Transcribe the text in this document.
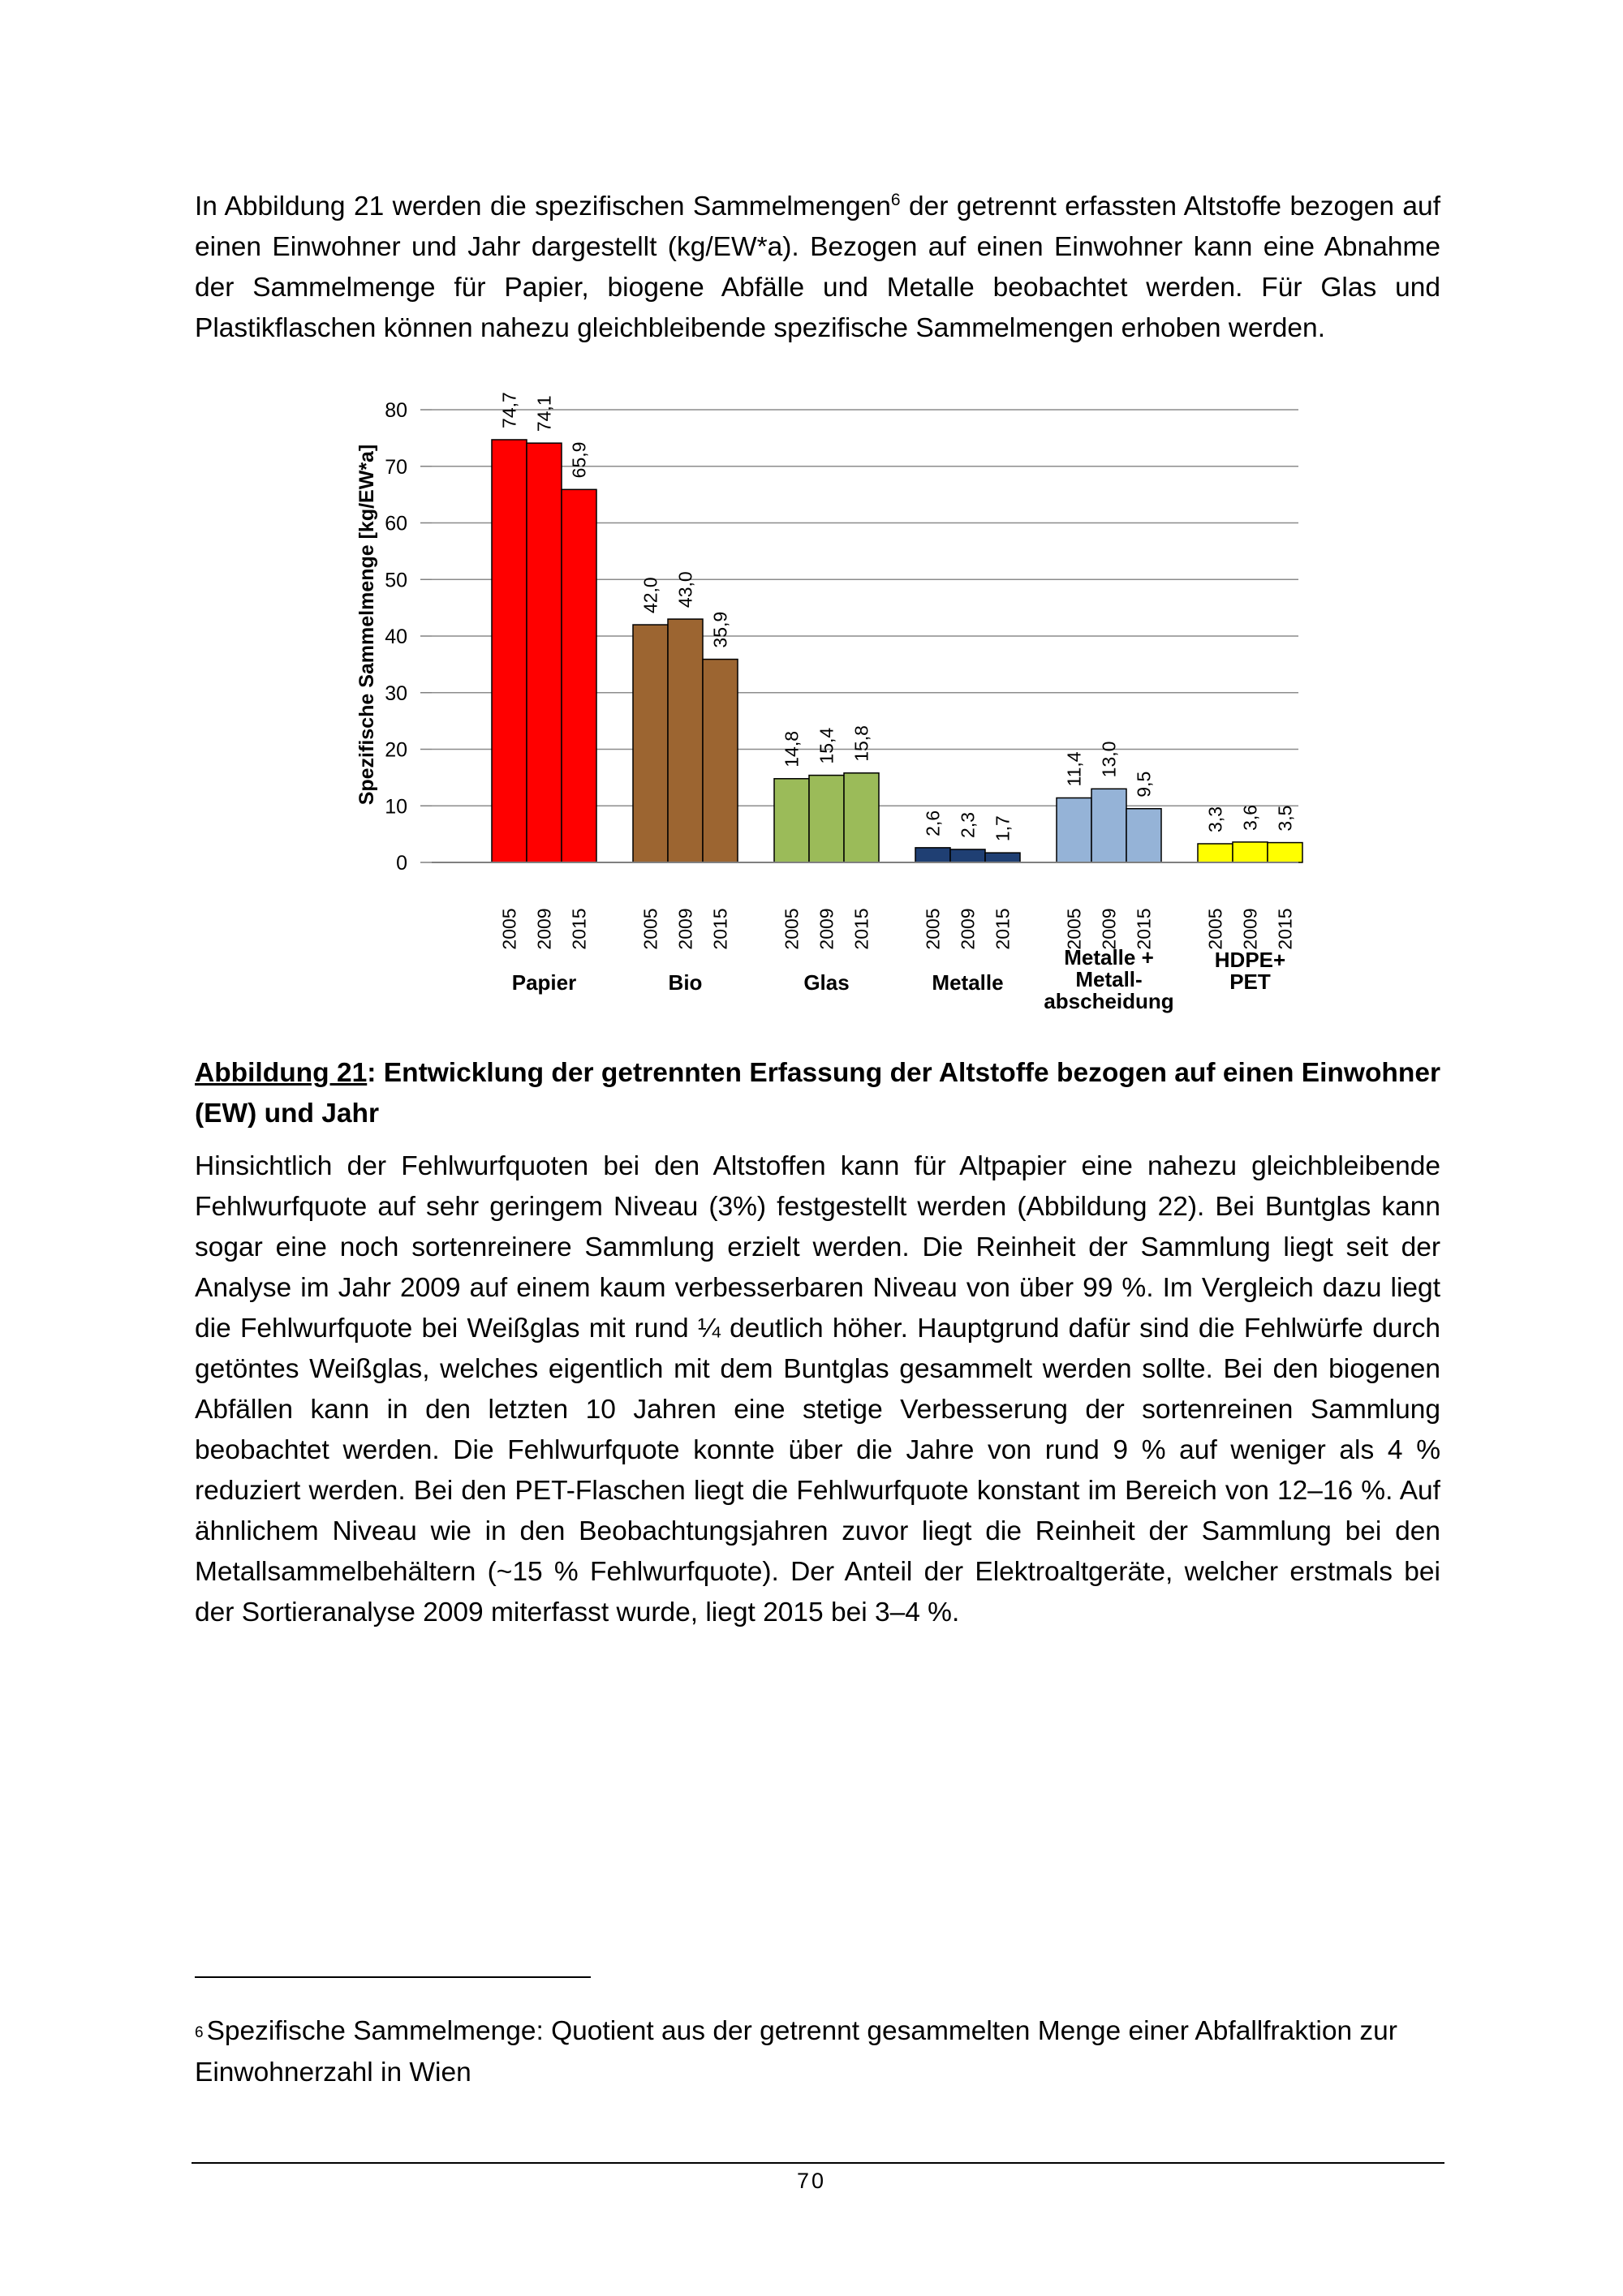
In Abbildung 21 werden die spezifischen Sammelmengen$^6$ der getrennt erfassten Altstoffe bezogen auf einen Einwohner und Jahr dargestellt (kg/EW*a). Bezogen auf einen Einwohner kann eine Abnahme der Sammelmenge für Papier, biogene Abfälle und Metalle beobachtet werden. Für Glas und Plastikflaschen können nahezu gleichbleibende spezifische Sammelmengen erhoben werden.

Spezifische Sammelmenge [kg/EW*a]
0
10
20
30
40
50
60
70
80	74,7 74,1
65,9
42,0 43,0
35,9
14,8 15,4 15,8
2,6 2,3 1,7
11,4 13,0
9,5
3,3 3,6 3,5
2005 2009 2015	2005 2009 2015	2005 2009 2015	2005 2009 2015	2005 2009 2015	2005 2009 2015
Papier	Bio	Glas	Metalle
Metalle +
Metall-
abscheidung
HDPE+
PET

Abbildung 21: Entwicklung der getrennten Erfassung der Altstoffe bezogen auf einen Einwohner (EW) und Jahr

Hinsichtlich der Fehlwurfquoten bei den Altstoffen kann für Altpapier eine nahezu gleichbleibende Fehlwurfquote auf sehr geringem Niveau (3%) festgestellt werden (Abbildung 22). Bei Buntglas kann sogar eine noch sortenreinere Sammlung erzielt werden. Die Reinheit der Sammlung liegt seit der Analyse im Jahr 2009 auf einem kaum verbesserbaren Niveau von über 99 %. Im Vergleich dazu liegt die Fehlwurfquote bei Weißglas mit rund ¼ deutlich höher. Hauptgrund dafür sind die Fehlwürfe durch getöntes Weißglas, welches eigentlich mit dem Buntglas gesammelt werden sollte. Bei den biogenen Abfällen kann in den letzten 10 Jahren eine stetige Verbesserung der sortenreinen Sammlung beobachtet werden. Die Fehlwurfquote konnte über die Jahre von rund 9 % auf weniger als 4 % reduziert werden. Bei den PET-Flaschen liegt die Fehlwurfquote konstant im Bereich von 12–16 %. Auf ähnlichem Niveau wie in den Beobachtungsjahren zuvor liegt die Reinheit der Sammlung bei den Metallsammelbehältern (~15 % Fehlwurfquote). Der Anteil der Elektroaltgeräte, welcher erstmals bei der Sortieranalyse 2009 miterfasst wurde, liegt 2015 bei 3–4 %.

$^6$ Spezifische Sammelmenge: Quotient aus der getrennt gesammelten Menge einer Abfallfraktion zur Einwohnerzahl in Wien

70
